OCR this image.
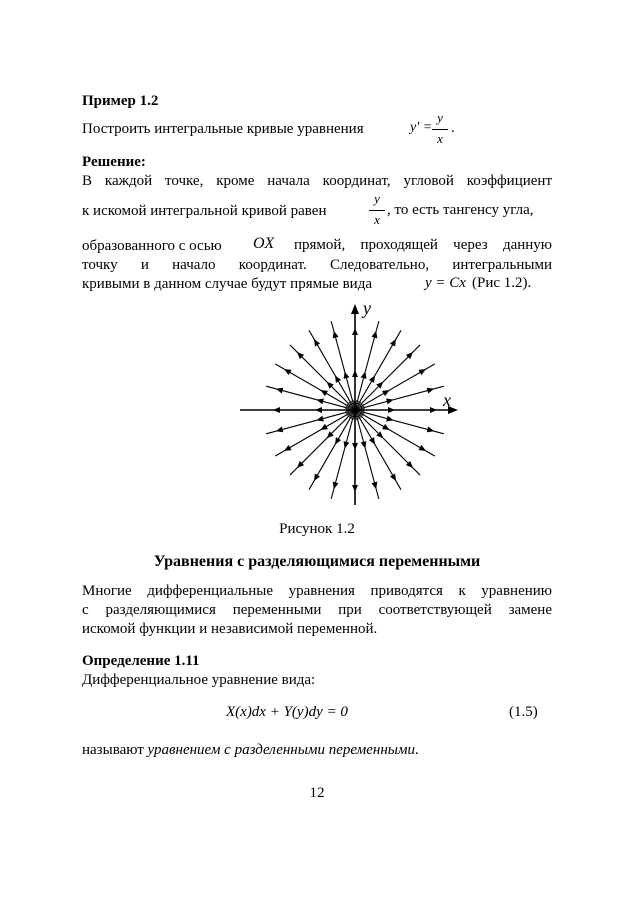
Пример 1.2
Построить интегральные кривые уравнения	y' =
y
x
.
Решение:
В каждой точке, кроме начала координат, угловой коэффициент
к искомой интегральной кривой равен
y
x
, то есть тангенсу угла,
образованного с осью	OX прямой, проходящей через данную
точку и начало координат. Следовательно, интегральными
кривыми в данном случае будут прямые вида	y = Cx (Рис 1.2).
y
x
Рисунок 1.2
Уравнения с разделяющимися переменными
Многие дифференциальные уравнения приводятся к уравнению
с разделяющимися переменными при соответствующей замене
искомой функции и независимой переменной.
Определение 1.11
Дифференциальное уравнение вида:
X(x)dx + Y(y)dy = 0	(1.5)
называют уравнением с разделенными переменными.
12
